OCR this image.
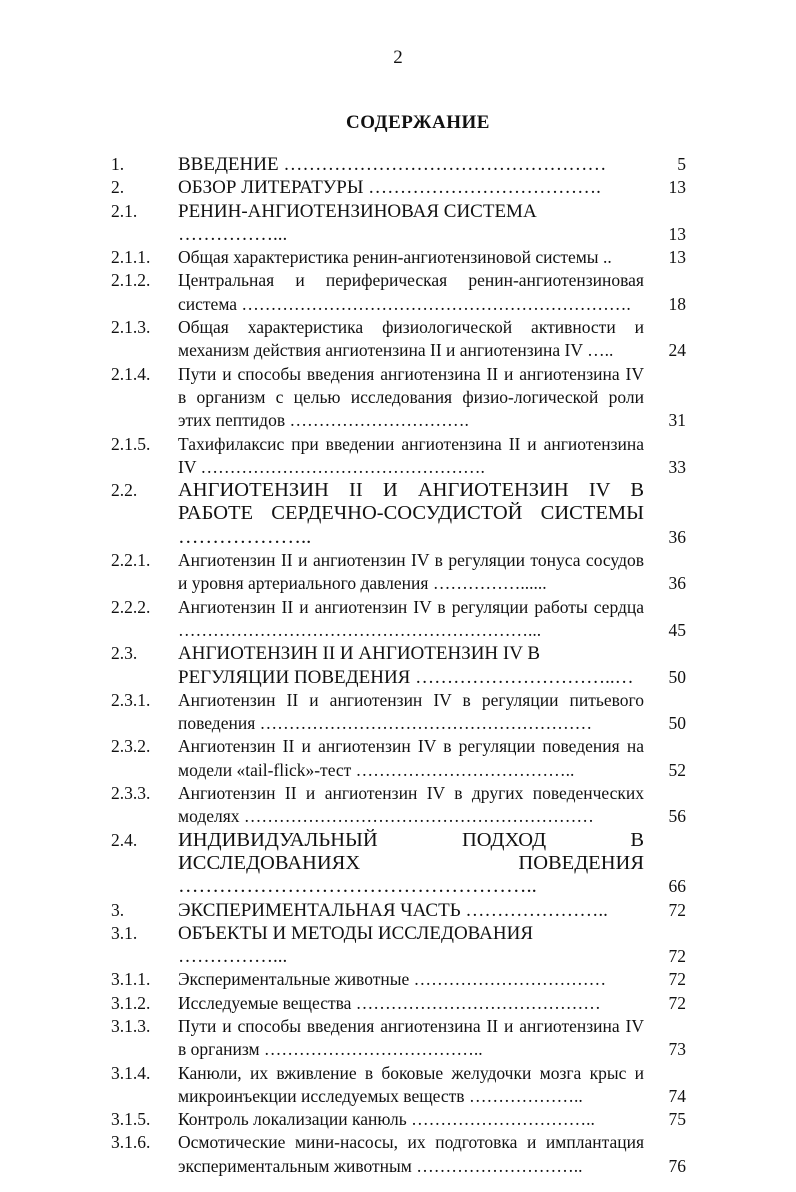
2
СОДЕРЖАНИЕ
1.	ВВЕДЕНИЕ ……………………………………………	5
2.	ОБЗОР ЛИТЕРАТУРЫ ……………………………….	13
2.1.	РЕНИН-АНГИОТЕНЗИНОВАЯ СИСТЕМА ……………...	13
2.1.1.	Общая характеристика ренин-ангиотензиновой системы ..	13
2.1.2.	Центральная и периферическая ренин-ангиотензиновая система ………………………………………………………….	18
2.1.3.	Общая характеристика физиологической активности и механизм действия ангиотензина II и ангиотензина IV …..	24
2.1.4.	Пути и способы введения ангиотензина II и ангиотензина IV в организм с целью исследования физио-логической роли этих пептидов ………………………….	31
2.1.5.	Тахифилаксис при введении ангиотензина II и ангиотензина IV ………………………………………….	33
2.2.	АНГИОТЕНЗИН II И АНГИОТЕНЗИН IV В РАБОТЕ СЕРДЕЧНО-СОСУДИСТОЙ СИСТЕМЫ ………………..	36
2.2.1.	Ангиотензин II и ангиотензин IV в регуляции тонуса сосудов и уровня артериального давления ……………......	36
2.2.2.	Ангиотензин II и ангиотензин IV в регуляции работы сердца ……………………………………………………...	45
2.3.	АНГИОТЕНЗИН II И АНГИОТЕНЗИН IV В РЕГУЛЯЦИИ ПОВЕДЕНИЯ …………………………..…	50
2.3.1.	Ангиотензин II и ангиотензин IV в регуляции питьевого поведения …………………………………………………	50
2.3.2.	Ангиотензин II и ангиотензин IV в регуляции поведения на модели «tail-flick»-тест ………………………………..	52
2.3.3.	Ангиотензин II и ангиотензин IV в других поведенческих моделях ……………………………………………………	56
2.4.	ИНДИВИДУАЛЬНЫЙ ПОДХОД В ИССЛЕДОВАНИЯХ ПОВЕДЕНИЯ ……………………………………………..	66
3.	ЭКСПЕРИМЕНТАЛЬНАЯ ЧАСТЬ …………………..	72
3.1.	ОБЪЕКТЫ И МЕТОДЫ ИССЛЕДОВАНИЯ ……………...	72
3.1.1.	Экспериментальные животные ……………………………	72
3.1.2.	Исследуемые вещества ……………………………………	72
3.1.3.	Пути и способы введения ангиотензина II и ангиотензина IV в организм ………………………………..	73
3.1.4.	Канюли, их вживление в боковые желудочки мозга крыс и микроинъекции исследуемых веществ ………………..	74
3.1.5.	Контроль локализации канюль …………………………..	75
3.1.6.	Осмотические мини-насосы, их подготовка и имплантация экспериментальным животным ………………………..	76
